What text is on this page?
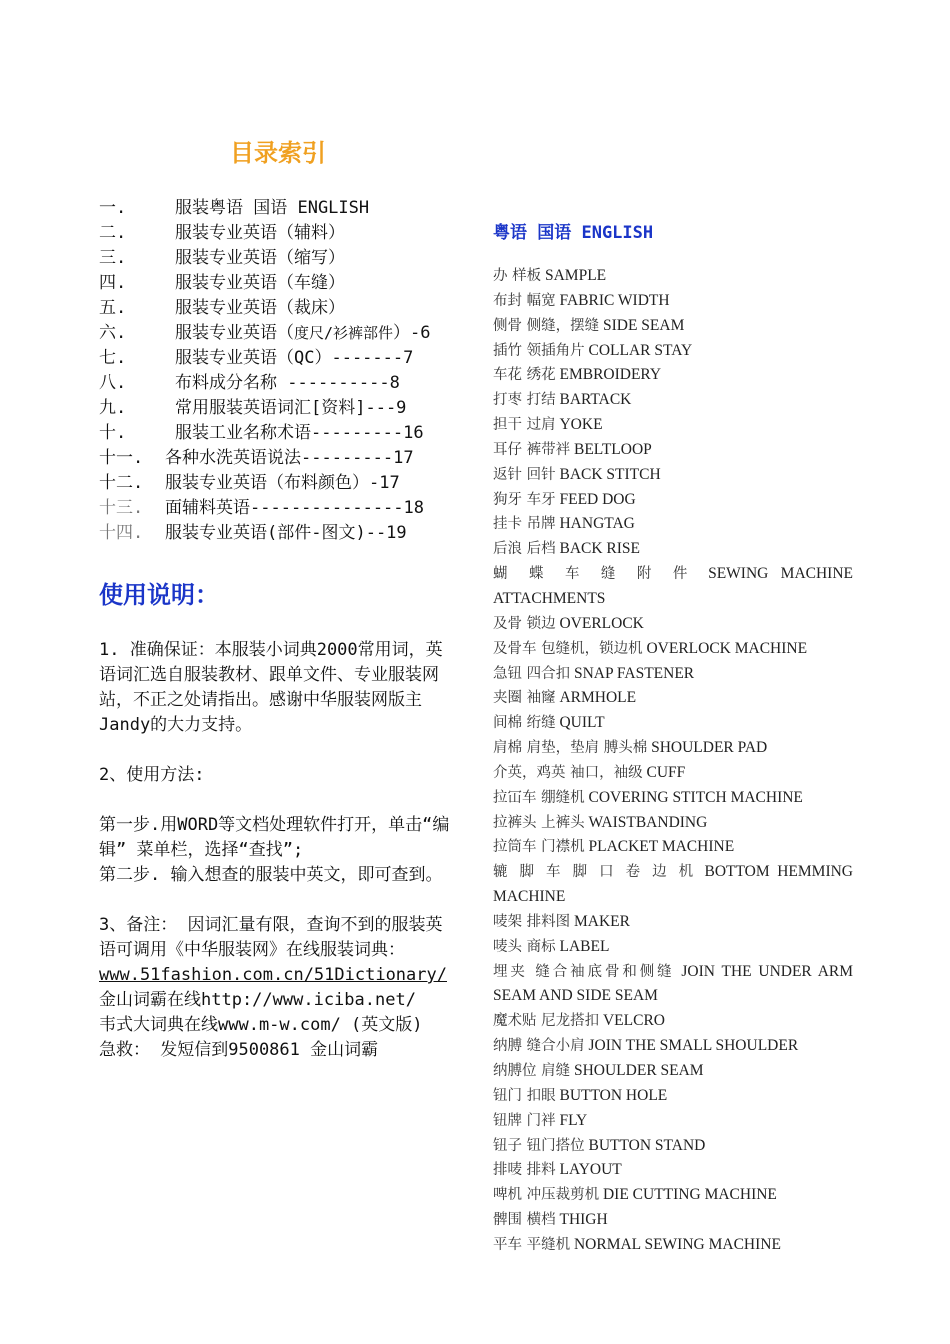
目录索引
一.	服装粤语 国语 ENGLISH
二.	服装专业英语（辅料）
三.	服装专业英语（缩写）
四.	服装专业英语（车缝）
五.	服装专业英语（裁床）
六.	服装专业英语（度尺/衫裤部件）-6
七.	服装专业英语（QC）-------7
八.	布料成分名称 ----------8
九.	常用服装英语词汇[资料]---9
十.	服装工业名称术语---------16
十一. 各种水洗英语说法---------17
十二. 服装专业英语（布料颜色）-17
十三. 面辅料英语---------------18
十四.服装专业英语(部件-图文)--19
使用说明：

1. 准确保证：本服装小词典2000常用词，英语词汇选自服装教材、跟单文件、专业服装网站，不正之处请指出。感谢中华服装网版主Jandy的大力支持。

2、使用方法:

第一步.用WORD等文档处理软件打开，单击“编辑” 菜单栏，选择“查找”;

第二步. 输入想查的服装中英文，即可查到。

3、备注： 因词汇量有限，查询不到的服装英语可调用《中华服装网》在线服装词典：

www.51fashion.com.cn/51Dictionary/

金山词霸在线http://www.iciba.net/

韦式大词典在线www.m-w.com/ (英文版)

急救： 发短信到9500861 金山词霸

粤语 国语 ENGLISH
办 样板 SAMPLE
布封 幅宽 FABRIC WIDTH
侧骨 侧缝，摆缝 SIDE SEAM
插竹 领插角片 COLLAR STAY
车花 绣花 EMBROIDERY
打枣 打结 BARTACK
担干 过肩 YOKE
耳仔 裤带袢 BELTLOOP
返针 回针 BACK STITCH
狗牙 车牙 FEED DOG
挂卡 吊牌 HANGTAG
后浪 后档 BACK RISE
蝴 蝶 车 缝 附 件 SEWING MACHINE
ATTACHMENTS
及骨 锁边 OVERLOCK
及骨车 包缝机，锁边机 OVERLOCK MACHINE
急钮 四合扣 SNAP FASTENER
夹圈 袖窿 ARMHOLE
间棉 绗缝 QUILT
肩棉 肩垫，垫肩 膊头棉 SHOULDER PAD
介英，鸡英 袖口，袖级 CUFF
拉冚车 绷缝机 COVERING STITCH MACHINE
拉裤头 上裤头 WAISTBANDING
拉筒车 门襟机 PLACKET MACHINE
辘 脚 车 脚 口 卷 边 机 BOTTOM HEMMING
MACHINE
唛架 排料图 MAKER
唛头 商标 LABEL
埋夹 缝合袖底骨和侧缝 JOIN THE UNDER ARM
SEAM AND SIDE SEAM
魔术贴 尼龙搭扣 VELCRO
纳膊 缝合小肩 JOIN THE SMALL SHOULDER
纳膊位 肩缝 SHOULDER SEAM
钮门 扣眼 BUTTON HOLE
钮牌 门袢 FLY
钮子 钮门搭位 BUTTON STAND
排唛 排料 LAYOUT
啤机 冲压裁剪机 DIE CUTTING MACHINE
髀围 横档 THIGH
平车 平缝机 NORMAL SEWING MACHINE
